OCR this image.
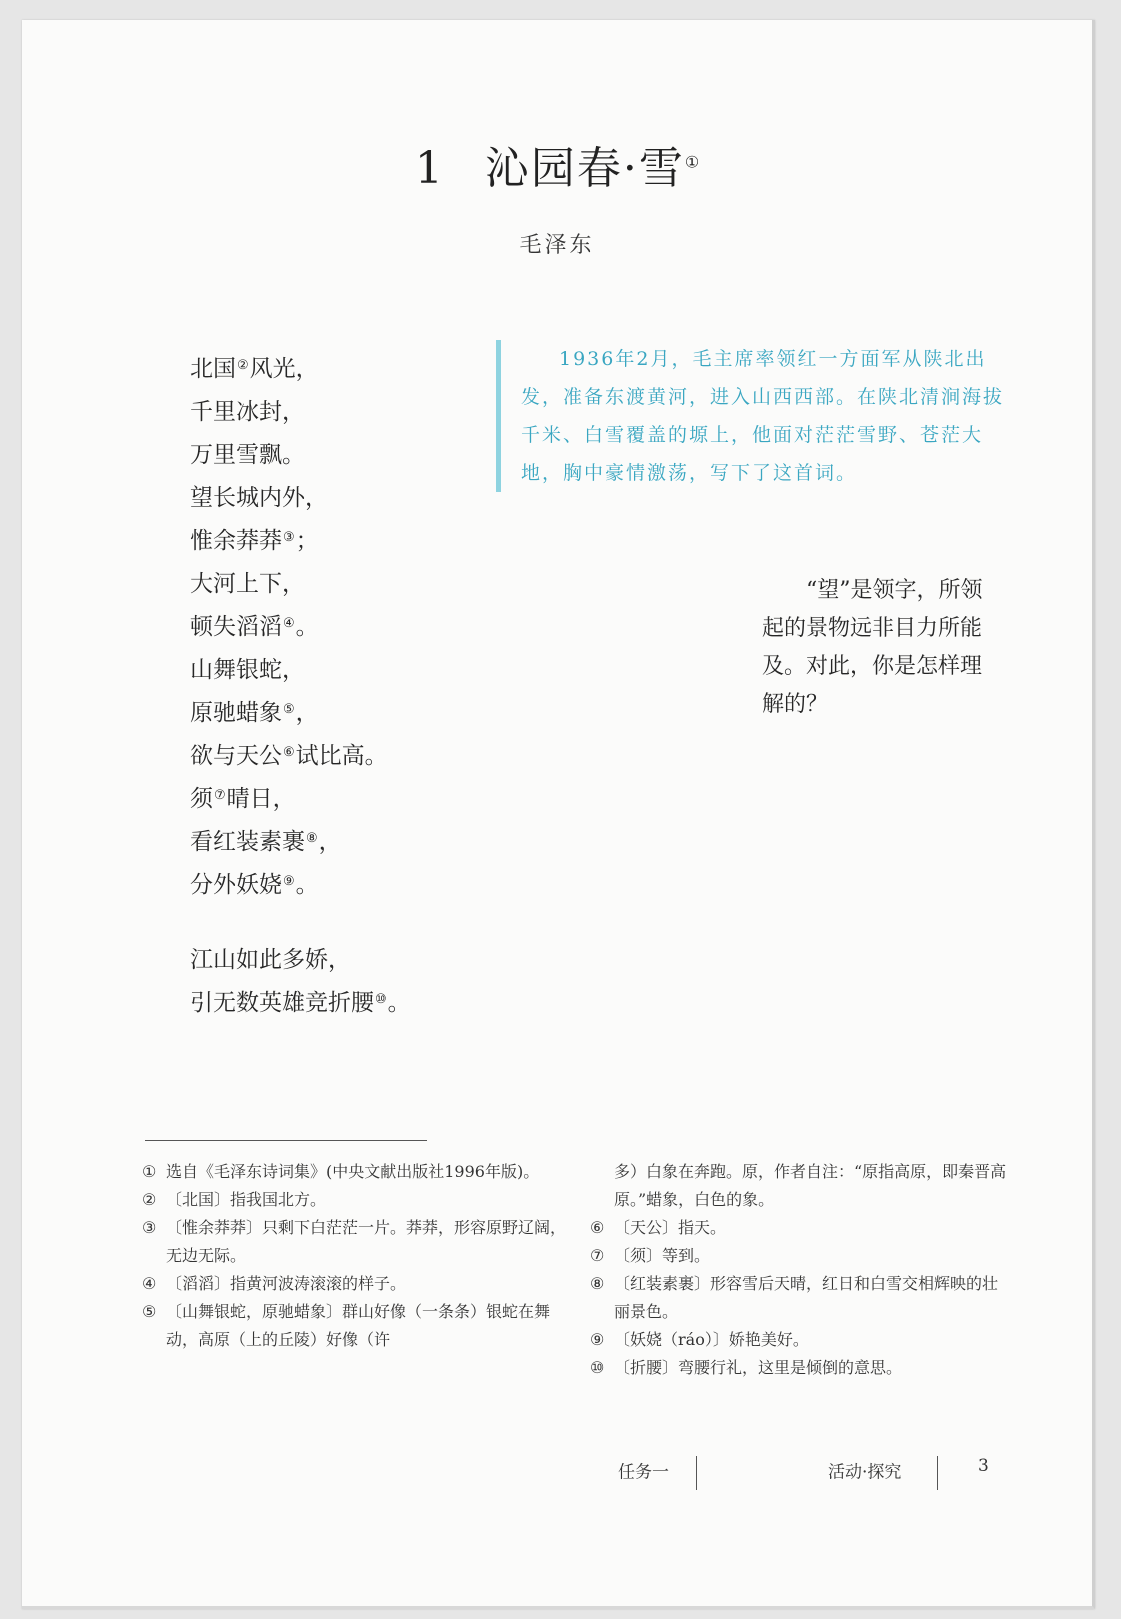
1 沁园春·雪①
毛泽东
北国②风光，
千里冰封，
万里雪飘。
望长城内外，
惟余莽莽③；
大河上下，
顿失滔滔④。
山舞银蛇，
原驰蜡象⑤，
欲与天公⑥试比高。
须⑦晴日，
看红装素裹⑧，
分外妖娆⑨。
江山如此多娇，
引无数英雄竞折腰⑩。
1936年2月，毛主席率领红一方面军从陕北出发，准备东渡黄河，进入山西西部。在陕北清涧海拔千米、白雪覆盖的塬上，他面对茫茫雪野、苍茫大地，胸中豪情激荡，写下了这首词。
“望”是领字，所领起的景物远非目力所能及。对此，你是怎样理解的？
① 选自《毛泽东诗词集》(中央文献出版社1996年版)。
② 〔北国〕指我国北方。
③ 〔惟余莽莽〕只剩下白茫茫一片。莽莽，形容原野辽阔，无边无际。
④ 〔滔滔〕指黄河波涛滚滚的样子。
⑤ 〔山舞银蛇，原驰蜡象〕群山好像（一条条）银蛇在舞动，高原（上的丘陵）好像（许
多）白象在奔跑。原，作者自注：“原指高原，即秦晋高原。”蜡象，白色的象。
⑥ 〔天公〕指天。
⑦ 〔须〕等到。
⑧ 〔红装素裹〕形容雪后天晴，红日和白雪交相辉映的壮丽景色。
⑨ 〔妖娆（ráo）〕娇艳美好。
⑩ 〔折腰〕弯腰行礼，这里是倾倒的意思。
任务一	活动·探究	3
